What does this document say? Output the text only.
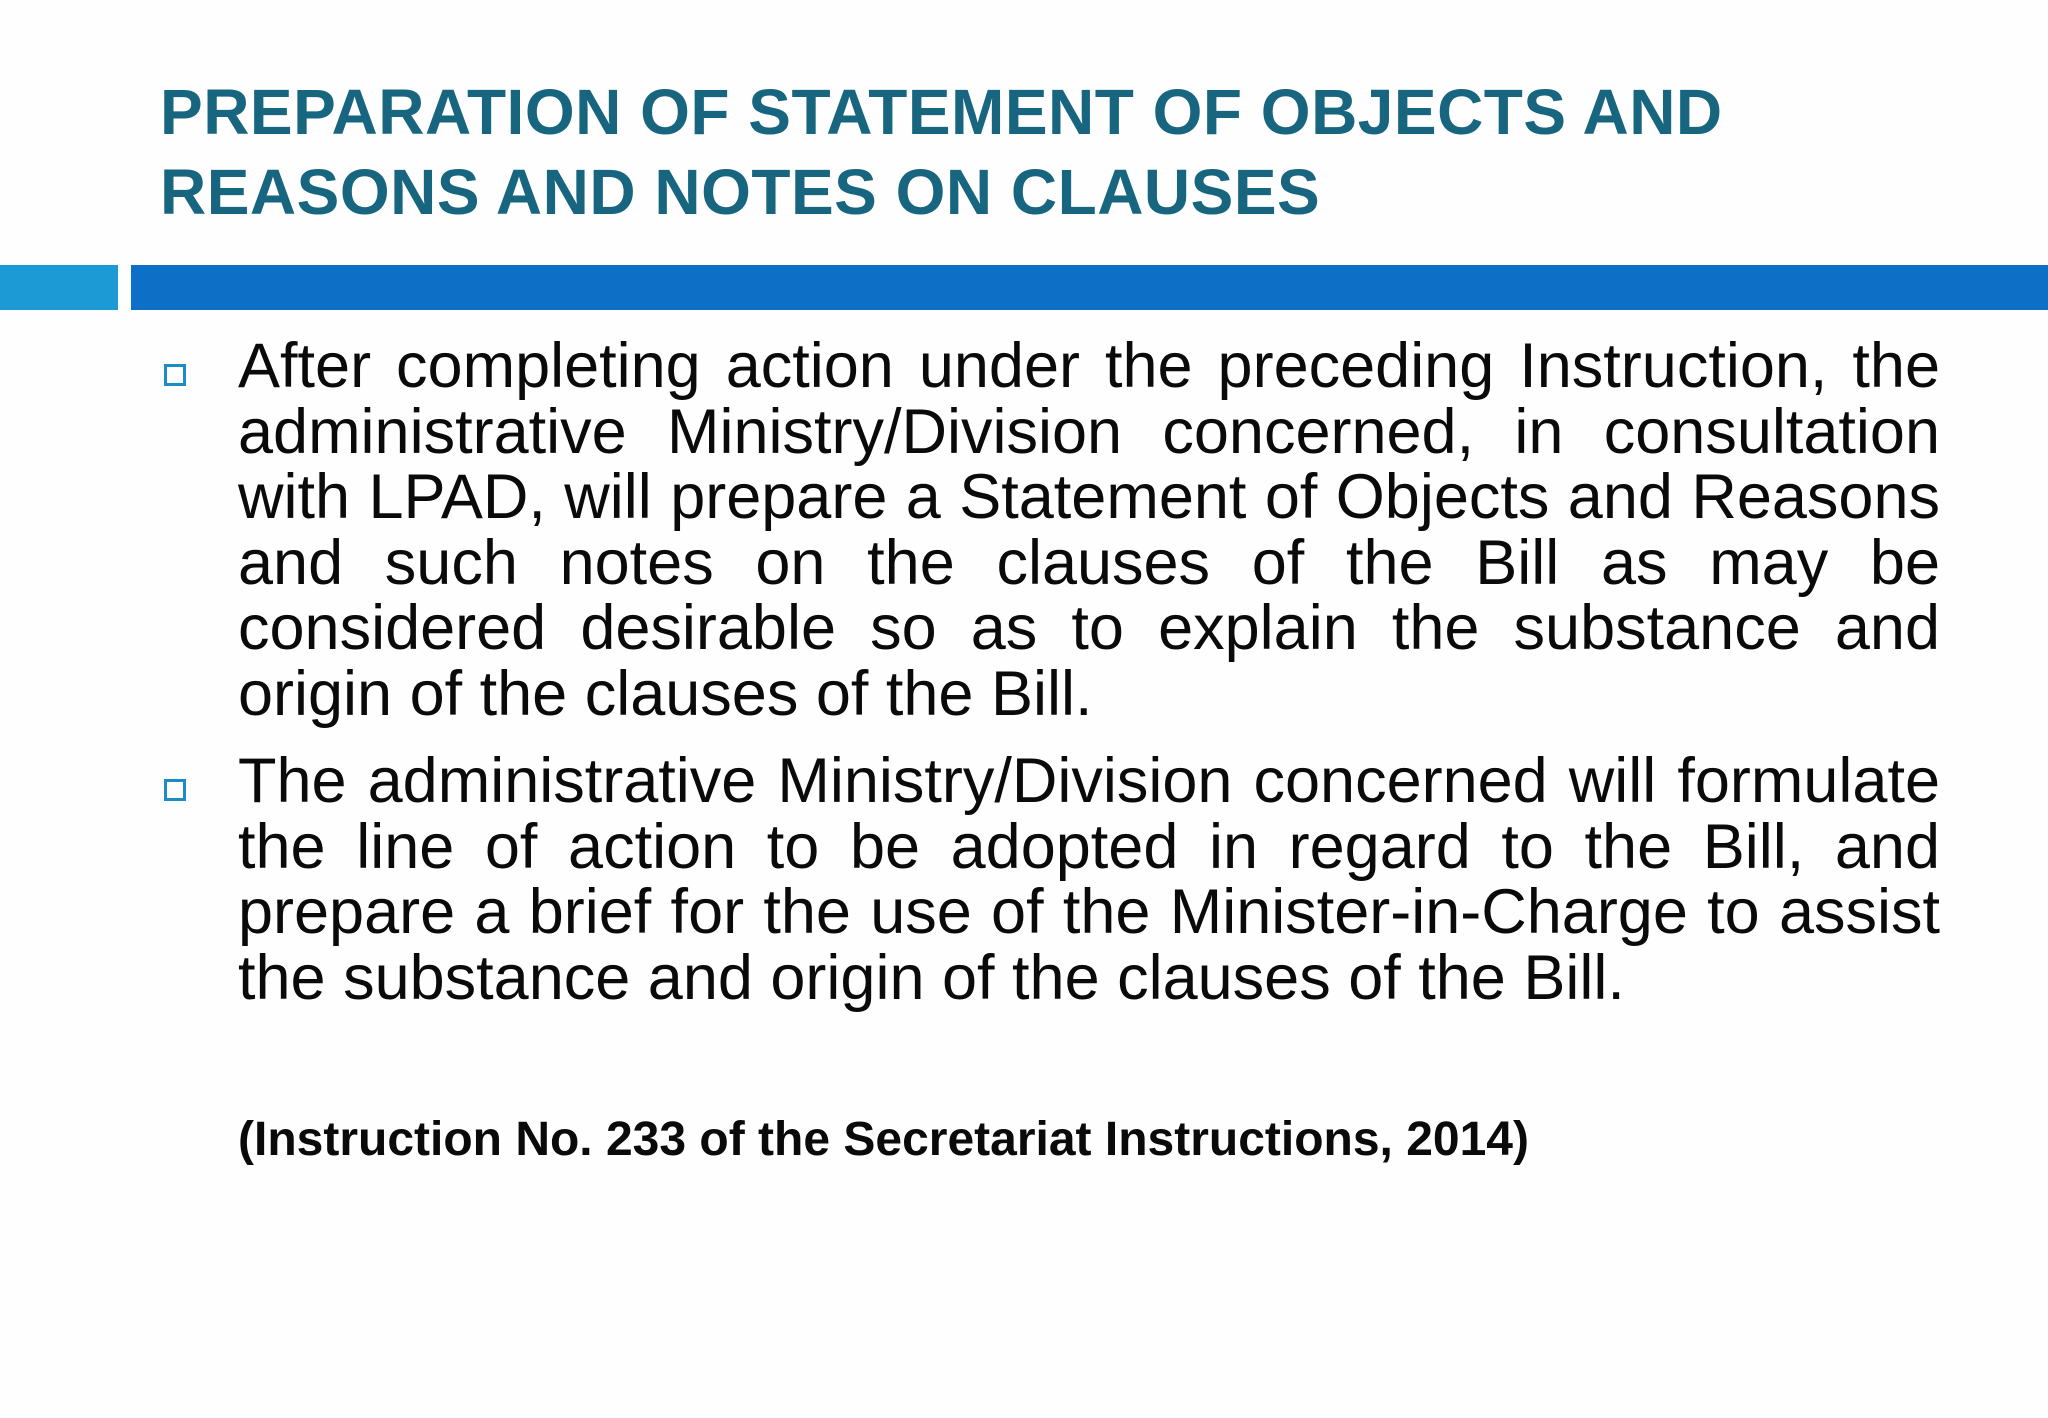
PREPARATION OF STATEMENT OF OBJECTS AND REASONS AND NOTES ON CLAUSES
After completing action under the preceding Instruction, the administrative Ministry/Division concerned, in consultation with LPAD, will prepare a Statement of Objects and Reasons and such notes on the clauses of the Bill as may be considered desirable so as to explain the substance and origin of the clauses of the Bill.
The administrative Ministry/Division concerned will formulate the line of action to be adopted in regard to the Bill, and prepare a brief for the use of the Minister-in-Charge to assist the substance and origin of the clauses of the Bill.
(Instruction No. 233 of the Secretariat Instructions, 2014)
